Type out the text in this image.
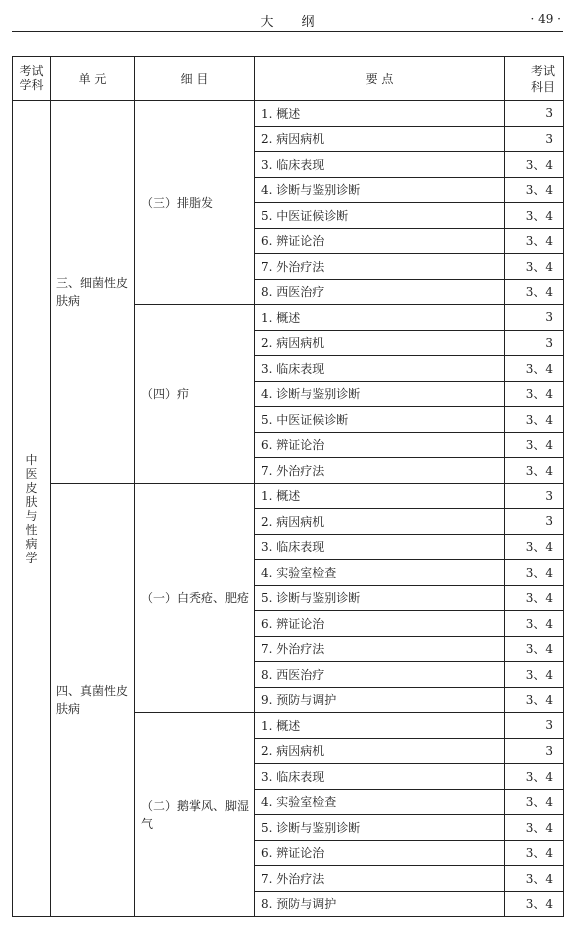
大纲	· 49 ·
考试学科	单 元	细 目	要 点	考试科目
中医皮肤与性病学	三、细菌性皮肤病	（三）排脂发	1. 概述	3
			2. 病因病机	3
			3. 临床表现	3、4
			4. 诊断与鉴别诊断	3、4
			5. 中医证候诊断	3、4
			6. 辨证论治	3、4
			7. 外治疗法	3、4
			8. 西医治疗	3、4
		（四）疖	1. 概述	3
			2. 病因病机	3
			3. 临床表现	3、4
			4. 诊断与鉴别诊断	3、4
			5. 中医证候诊断	3、4
			6. 辨证论治	3、4
			7. 外治疗法	3、4
	四、真菌性皮肤病	（一）白秃疮、肥疮	1. 概述	3
			2. 病因病机	3
			3. 临床表现	3、4
			4. 实验室检查	3、4
			5. 诊断与鉴别诊断	3、4
			6. 辨证论治	3、4
			7. 外治疗法	3、4
			8. 西医治疗	3、4
			9. 预防与调护	3、4
		（二）鹅掌风、脚湿气	1. 概述	3
			2. 病因病机	3
			3. 临床表现	3、4
			4. 实验室检查	3、4
			5. 诊断与鉴别诊断	3、4
			6. 辨证论治	3、4
			7. 外治疗法	3、4
			8. 预防与调护	3、4
